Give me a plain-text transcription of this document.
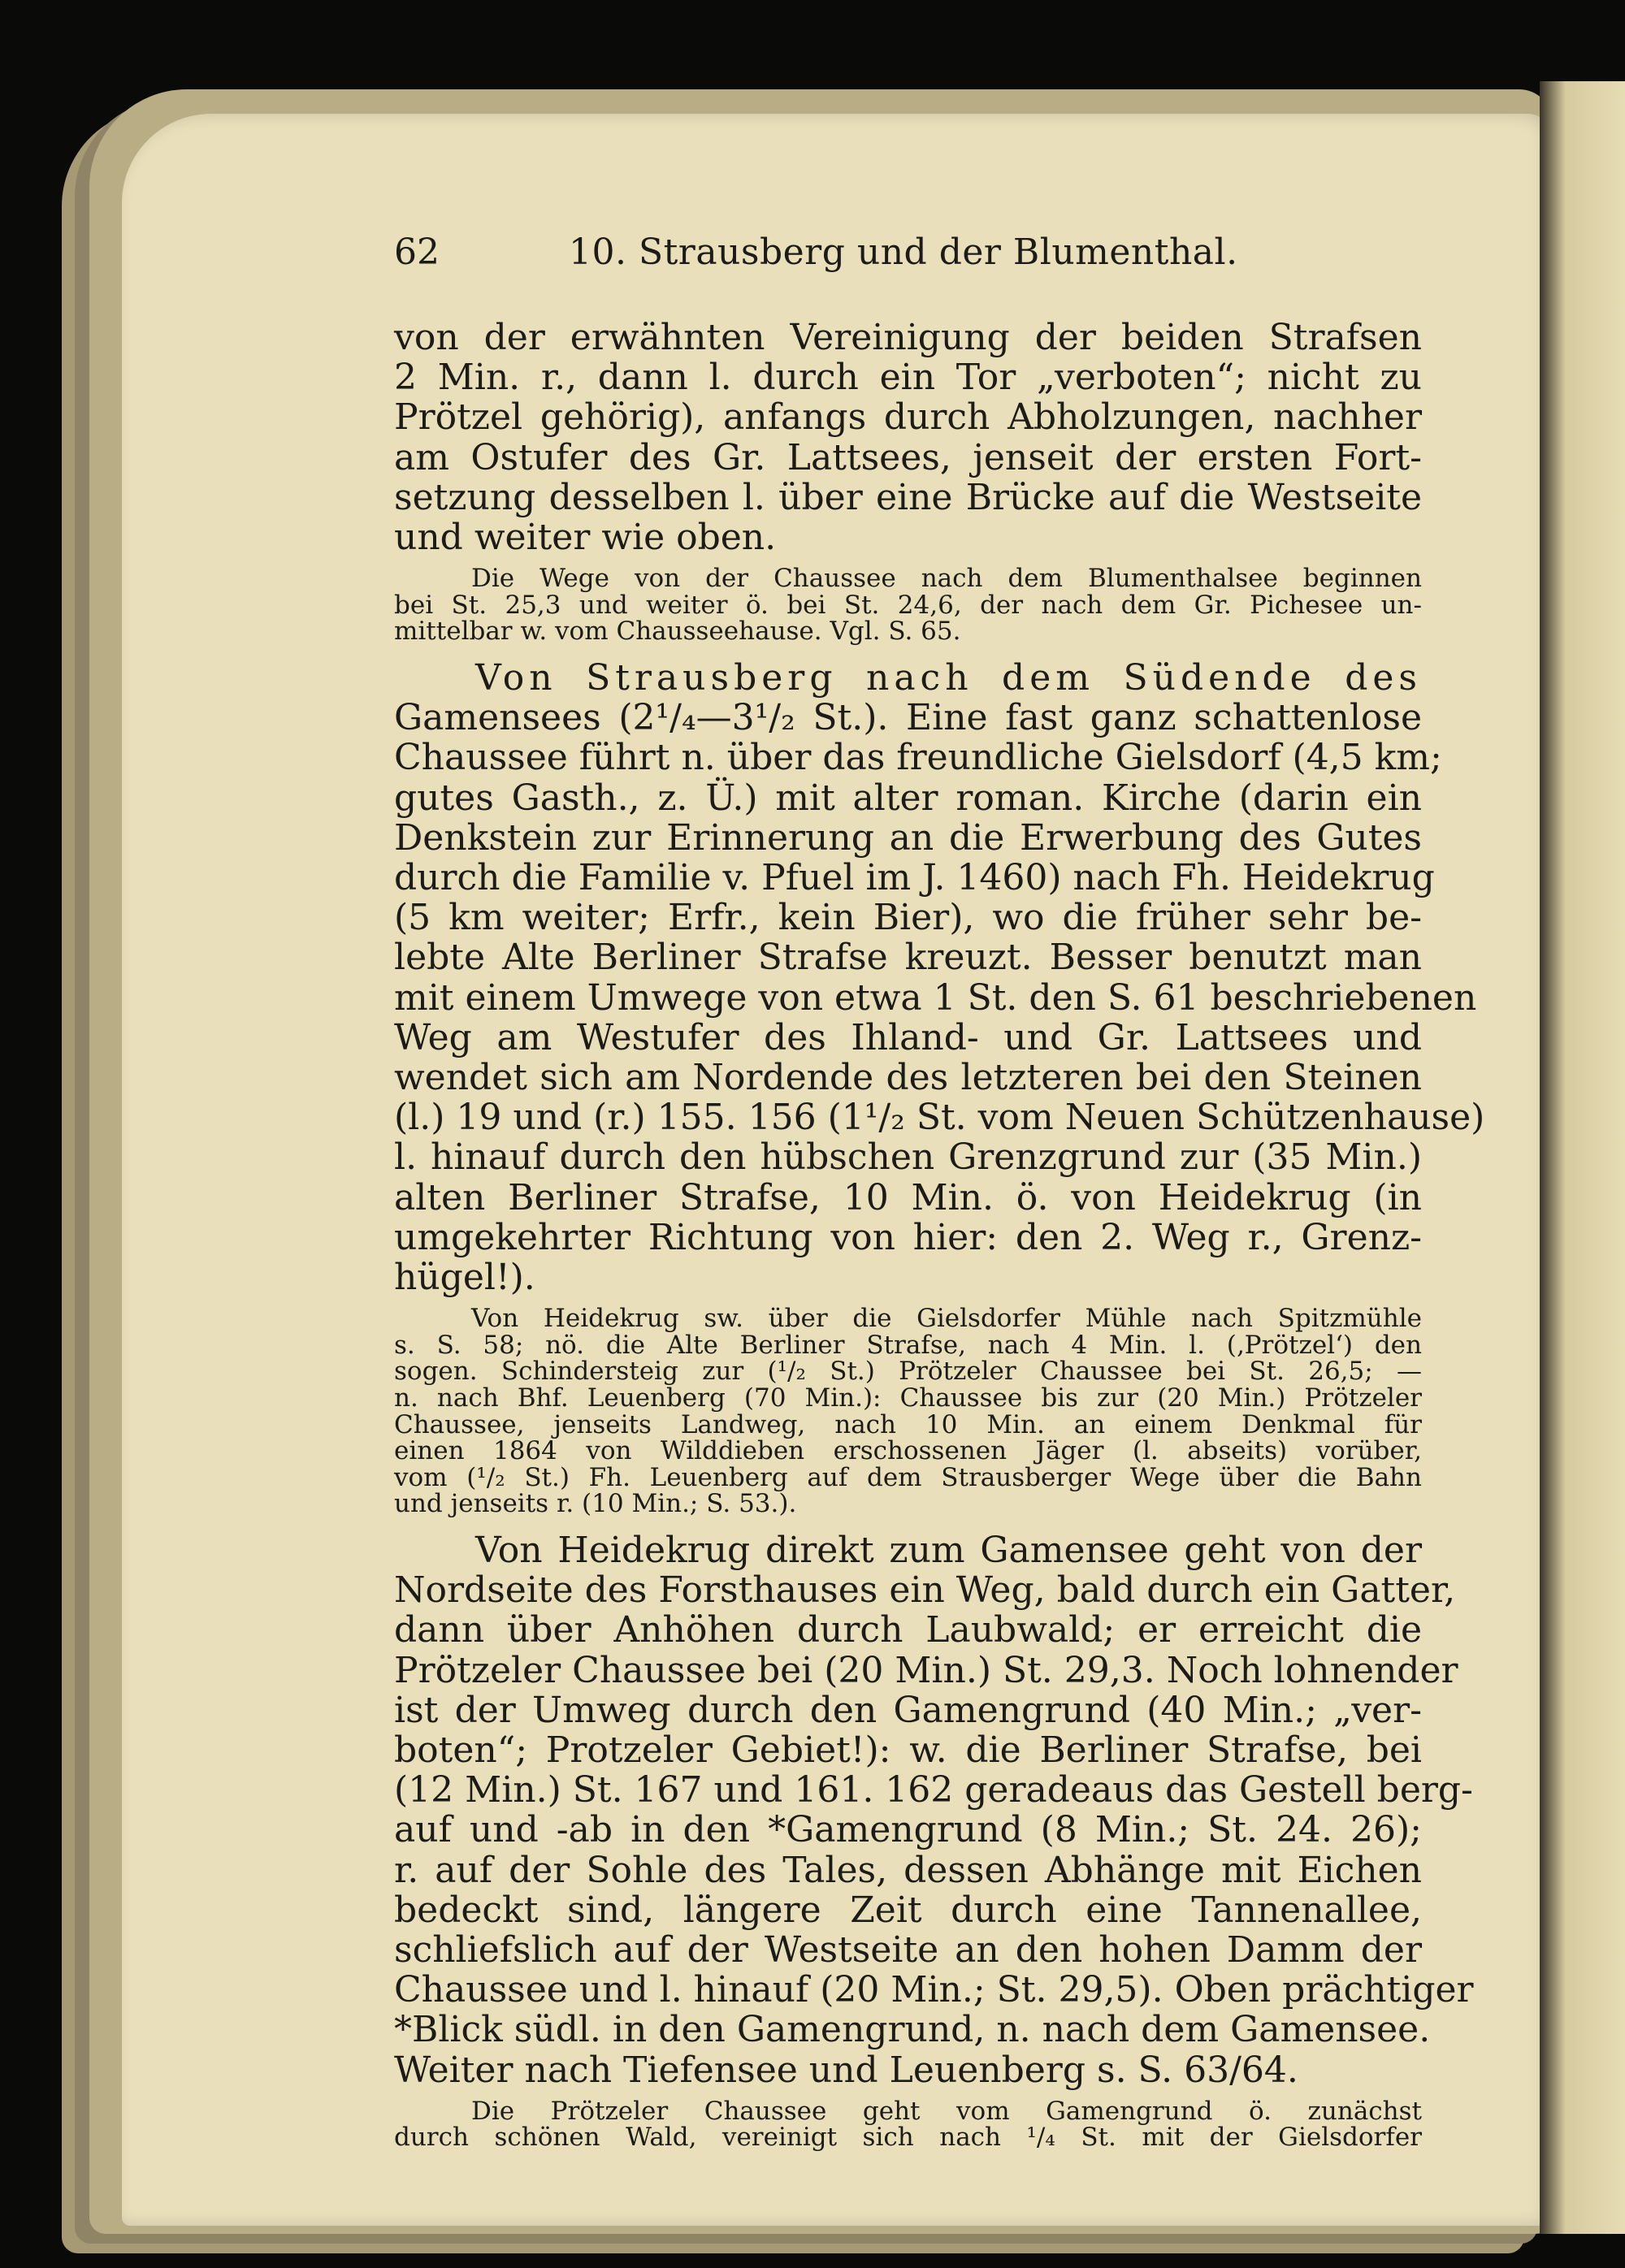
62	10. Strausberg und der Blumenthal.

von der erwähnten Vereinigung der beiden Strafsen
2 Min. r., dann l. durch ein Tor „verboten“; nicht zu
Prötzel gehörig), anfangs durch Abholzungen, nachher
am Ostufer des Gr. Lattsees, jenseit der ersten Fort-
setzung desselben l. über eine Brücke auf die Westseite
und weiter wie oben.

Die Wege von der Chaussee nach dem Blumenthalsee beginnen
bei St. 25,3 und weiter ö. bei St. 24,6, der nach dem Gr. Pichesee un-
mittelbar w. vom Chausseehause. Vgl. S. 65.

Von Strausberg nach dem Südende des
Gamensees (2¹/₄—3¹/₂ St.). Eine fast ganz schattenlose
Chaussee führt n. über das freundliche Gielsdorf (4,5 km;
gutes Gasth., z. Ü.) mit alter roman. Kirche (darin ein
Denkstein zur Erinnerung an die Erwerbung des Gutes
durch die Familie v. Pfuel im J. 1460) nach Fh. Heidekrug
(5 km weiter; Erfr., kein Bier), wo die früher sehr be-
lebte Alte Berliner Strafse kreuzt. Besser benutzt man
mit einem Umwege von etwa 1 St. den S. 61 beschriebenen
Weg am Westufer des Ihland- und Gr. Lattsees und
wendet sich am Nordende des letzteren bei den Steinen
(l.) 19 und (r.) 155. 156 (1¹/₂ St. vom Neuen Schützenhause)
l. hinauf durch den hübschen Grenzgrund zur (35 Min.)
alten Berliner Strafse, 10 Min. ö. von Heidekrug (in
umgekehrter Richtung von hier: den 2. Weg r., Grenz-
hügel!).

Von Heidekrug sw. über die Gielsdorfer Mühle nach Spitzmühle
s. S. 58; nö. die Alte Berliner Strafse, nach 4 Min. l. (‚Prötzel‘) den
sogen. Schindersteig zur (¹/₂ St.) Prötzeler Chaussee bei St. 26,5; —
n. nach Bhf. Leuenberg (70 Min.): Chaussee bis zur (20 Min.) Prötzeler
Chaussee, jenseits Landweg, nach 10 Min. an einem Denkmal für
einen 1864 von Wilddieben erschossenen Jäger (l. abseits) vorüber,
vom (¹/₂ St.) Fh. Leuenberg auf dem Strausberger Wege über die Bahn
und jenseits r. (10 Min.; S. 53.).

Von Heidekrug direkt zum Gamensee geht von der
Nordseite des Forsthauses ein Weg, bald durch ein Gatter,
dann über Anhöhen durch Laubwald; er erreicht die
Prötzeler Chaussee bei (20 Min.) St. 29,3. Noch lohnender
ist der Umweg durch den Gamengrund (40 Min.; „ver-
boten“; Protzeler Gebiet!): w. die Berliner Strafse, bei
(12 Min.) St. 167 und 161. 162 geradeaus das Gestell berg-
auf und -ab in den *Gamengrund (8 Min.; St. 24. 26);
r. auf der Sohle des Tales, dessen Abhänge mit Eichen
bedeckt sind, längere Zeit durch eine Tannenallee,
schliefslich auf der Westseite an den hohen Damm der
Chaussee und l. hinauf (20 Min.; St. 29,5). Oben prächtiger
*Blick südl. in den Gamengrund, n. nach dem Gamensee.
Weiter nach Tiefensee und Leuenberg s. S. 63/64.

Die Prötzeler Chaussee geht vom Gamengrund ö. zunächst
durch schönen Wald, vereinigt sich nach ¹/₄ St. mit der Gielsdorfer
